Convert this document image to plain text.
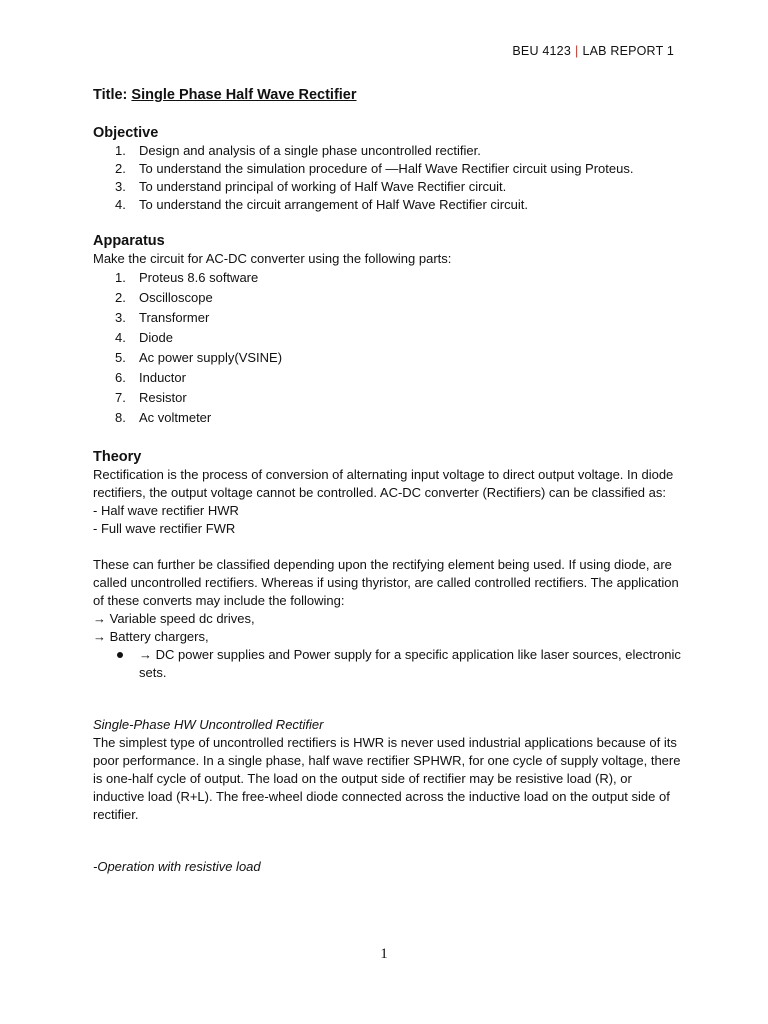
BEU 4123 | LAB REPORT 1

Title: Single Phase Half Wave Rectifier

Objective
1. Design and analysis of a single phase uncontrolled rectifier.
2. To understand the simulation procedure of —Half Wave Rectifier circuit using Proteus.
3. To understand principal of working of Half Wave Rectifier circuit.
4. To understand the circuit arrangement of Half Wave Rectifier circuit.
Apparatus

Make the circuit for AC-DC converter using the following parts:

1. Proteus 8.6 software
2. Oscilloscope
3. Transformer
4. Diode
5. Ac power supply(VSINE)
6. Inductor
7. Resistor
8. Ac voltmeter
Theory

Rectification is the process of conversion of alternating input voltage to direct output voltage. In diode rectifiers, the output voltage cannot be controlled. AC-DC converter (Rectifiers) can be classified as:

- Half wave rectifier HWR

- Full wave rectifier FWR

These can further be classified depending upon the rectifying element being used. If using diode, are called uncontrolled rectifiers. Whereas if using thyristor, are called controlled rectifiers. The application of these converts may include the following:

→ Variable speed dc drives,
→ Battery chargers,
→ DC power supplies and Power supply for a specific application like laser sources, electronic sets.

Single-Phase HW Uncontrolled Rectifier

The simplest type of uncontrolled rectifiers is HWR is never used industrial applications because of its poor performance. In a single phase, half wave rectifier SPHWR, for one cycle of supply voltage, there is one-half cycle of output. The load on the output side of rectifier may be resistive load (R), or inductive load (R+L). The free-wheel diode connected across the inductive load on the output side of rectifier.

-Operation with resistive load

1
